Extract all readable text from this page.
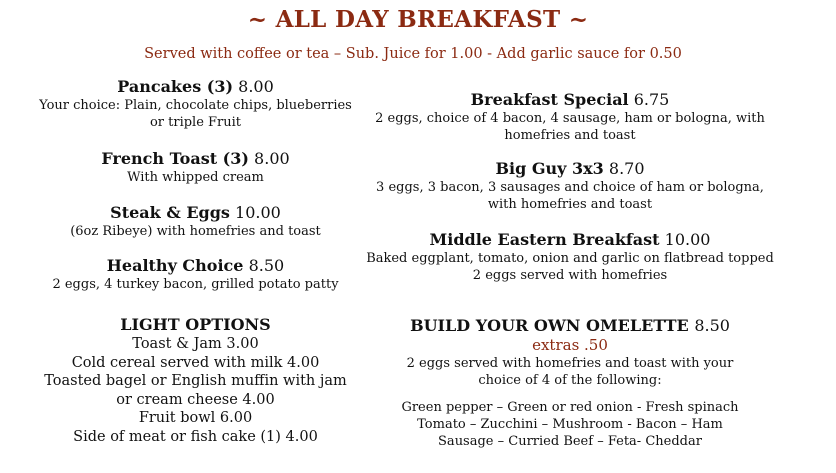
~ ALL DAY BREAKFAST ~
Served with coffee or tea – Sub. Juice for 1.00 - Add garlic sauce for 0.50
Pancakes (3) 8.00
Your choice: Plain, chocolate chips, blueberries or triple Fruit
French Toast (3) 8.00
With whipped cream
Steak & Eggs 10.00
(6oz Ribeye) with homefries and toast
Healthy Choice 8.50
2 eggs, 4 turkey bacon, grilled potato patty
Breakfast Special 6.75
2 eggs, choice of 4 bacon, 4 sausage, ham or bologna, with homefries and toast
Big Guy 3x3 8.70
3 eggs, 3 bacon, 3 sausages and choice of ham or bologna, with homefries and toast
Middle Eastern Breakfast 10.00
Baked eggplant, tomato, onion and garlic on flatbread topped 2 eggs served with homefries
LIGHT OPTIONS
Toast & Jam 3.00
Cold cereal served with milk 4.00
Toasted bagel or English muffin with jam or cream cheese 4.00
Fruit bowl 6.00
Side of meat or fish cake (1) 4.00
BUILD YOUR OWN OMELETTE 8.50
extras .50
2 eggs served with homefries and toast with your choice of 4 of the following:
Green pepper – Green or red onion - Fresh spinach
Tomato – Zucchini – Mushroom - Bacon – Ham
Sausage – Curried Beef – Feta- Cheddar
